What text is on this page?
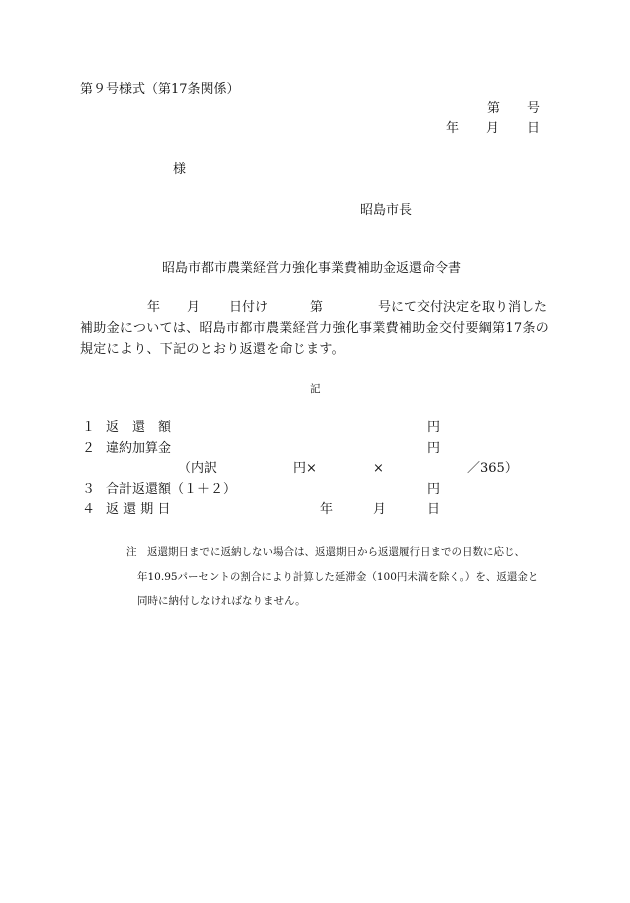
第９号様式（第17条関係）
第 号
年 月 日
様
昭島市長
昭島市都市農業経営力強化事業費補助金返還命令書
年 月 日付け	第	号にて交付決定を取り消した
補助金については、昭島市都市農業経営力強化事業費補助金交付要綱第17条の
規定により、下記のとおり返還を命じます。
記
１ 返　還　額	円
２ 違約加算金	円
（内訳	円×	×	／365）
３ 合計返還額（１＋２）	円
４ 返 還 期 日	年	月	日
注　返還期日までに返納しない場合は、返還期日から返還履行日までの日数に応じ、
年10.95パーセントの割合により計算した延滞金（100円未満を除く。）を、返還金と
同時に納付しなければなりません。
